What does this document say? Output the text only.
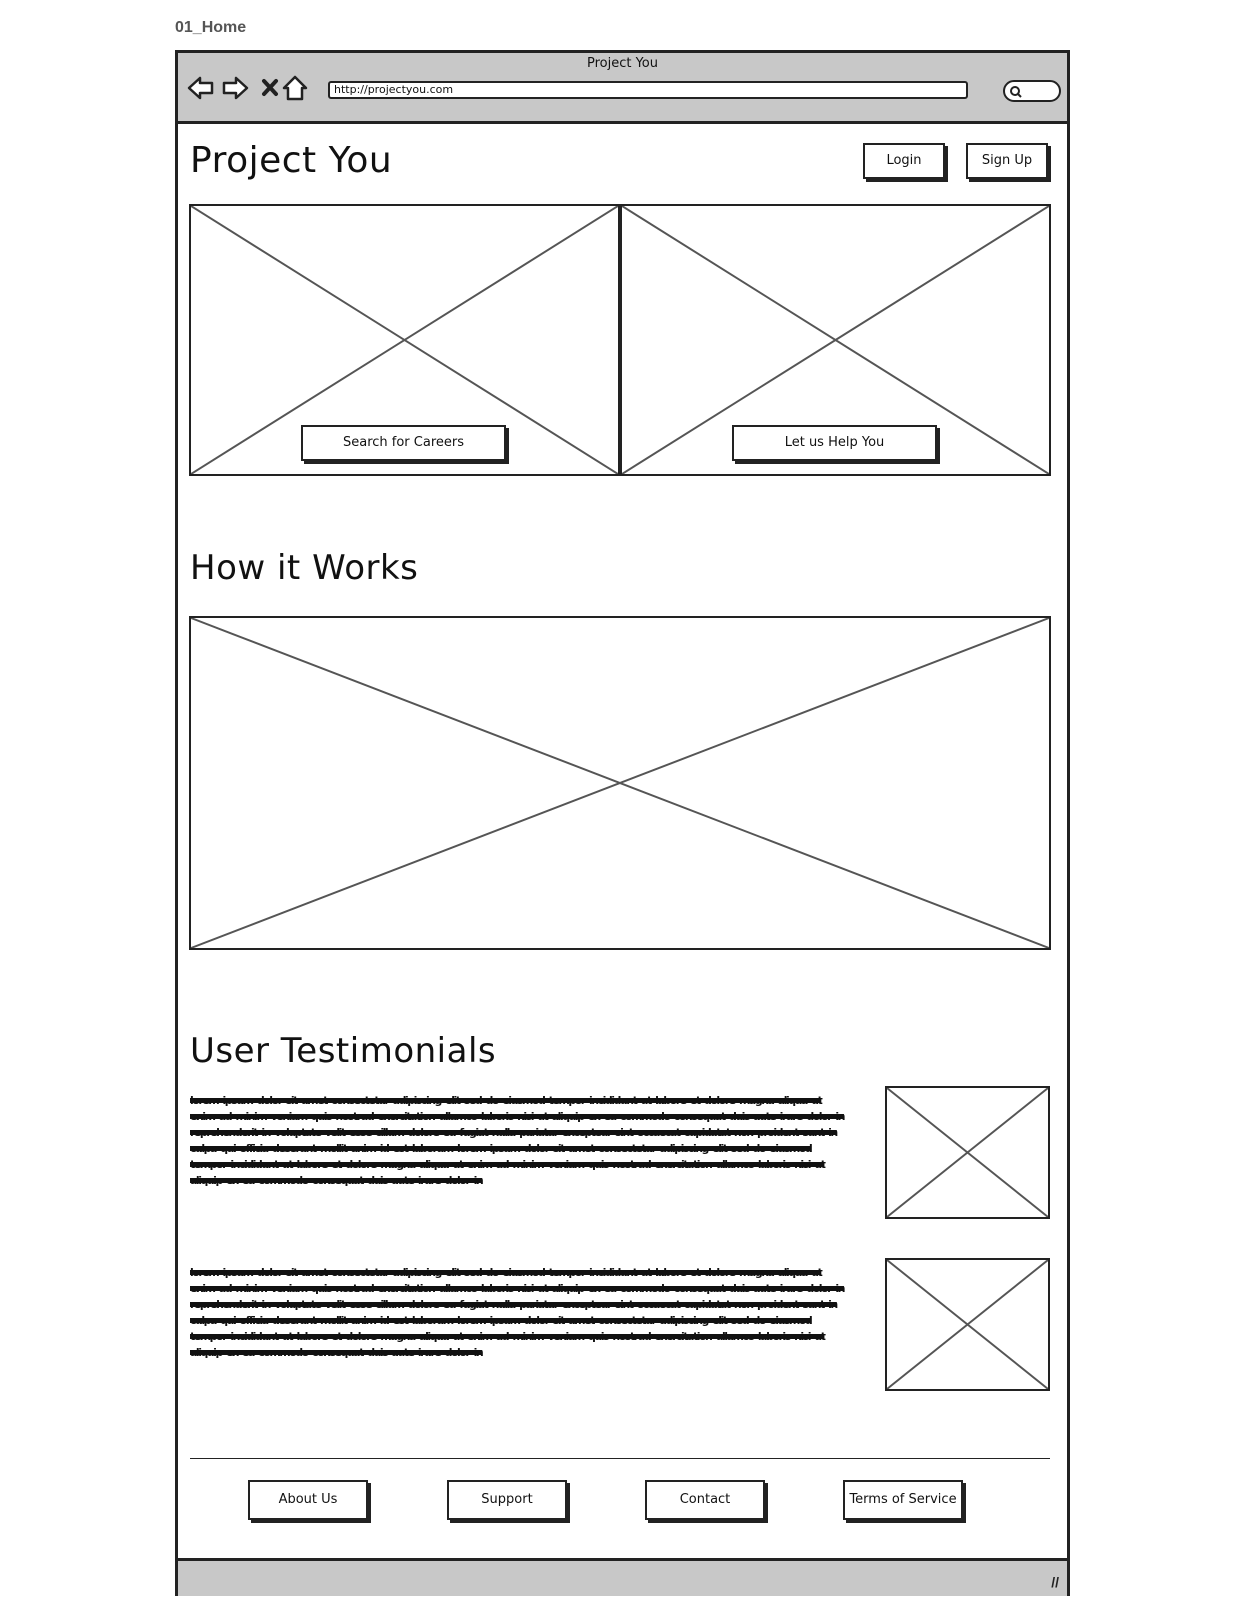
01_Home
Project You
http://projectyou.com
Project You	Login	Sign Up
Search for Careers	Let us Help You
How it Works
User Testimonials
lorem ipsum dolor sit amet consectetur adipiscing elit sed do eiusmod tempor incididunt ut labore et dolore magna aliqua ut enim ad minim veniam quis nostrud exercitation ullamco laboris nisi ut aliquip ex ea commodo consequat duis aute irure dolor in reprehenderit in voluptate velit esse cillum dolore eu fugiat nulla pariatur excepteur sint occaecat cupidatat non proident sunt in culpa qui officia deserunt mollit anim id est laborum lorem ipsum dolor sit amet consectetur adipiscing elit sed do eiusmod tempor incididunt ut labore et dolore magna aliqua ut enim ad minim veniam quis nostrud exercitation ullamco laboris nisi ut aliquip ex ea commodo consequat duis aute irure dolor in
lorem ipsum dolor sit amet consectetur adipiscing elit sed do eiusmod tempor incididunt ut labore et dolore magna aliqua ut enim ad minim veniam quis nostrud exercitation ullamco laboris nisi ut aliquip ex ea commodo consequat duis aute irure dolor in reprehenderit in voluptate velit esse cillum dolore eu fugiat nulla pariatur excepteur sint occaecat cupidatat non proident sunt in culpa qui officia deserunt mollit anim id est laborum lorem ipsum dolor sit amet consectetur adipiscing elit sed do eiusmod tempor incididunt ut labore et dolore magna aliqua ut enim ad minim veniam quis nostrud exercitation ullamco laboris nisi ut aliquip ex ea commodo consequat duis aute irure dolor in
About Us	Support	Contact	Terms of Service
//
